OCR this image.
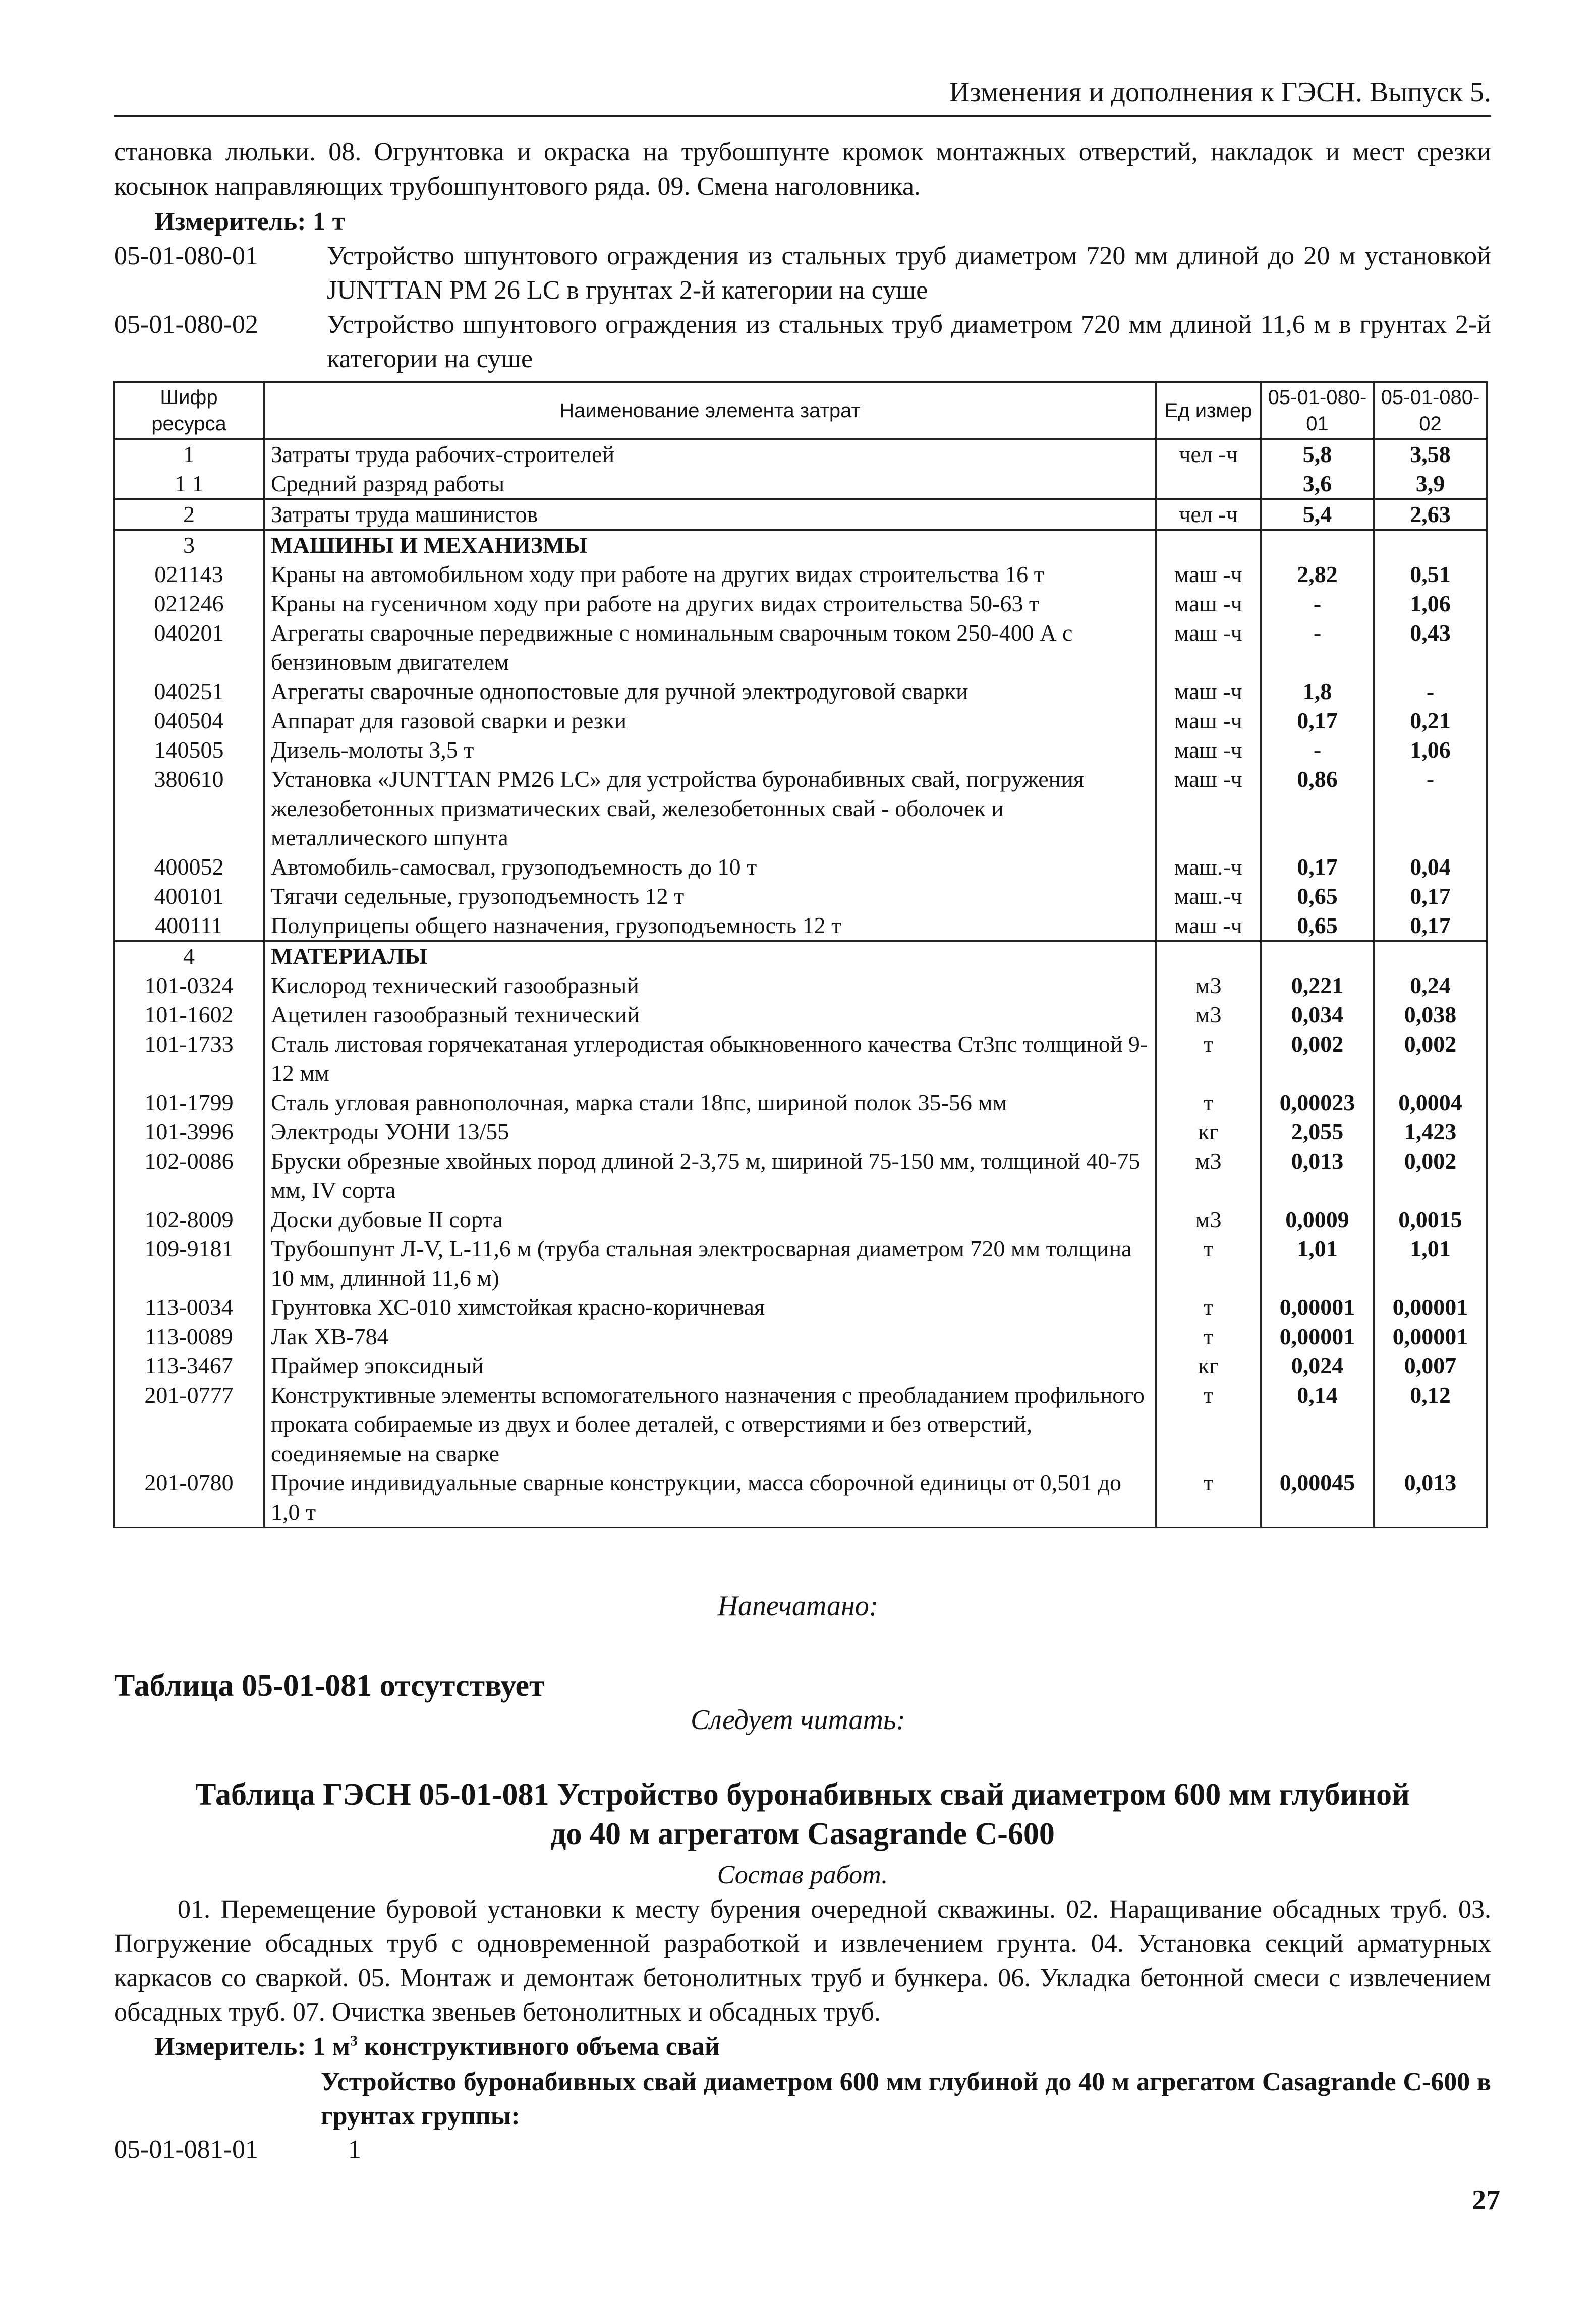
Изменения и дополнения к ГЭСН. Выпуск 5.
становка люльки. 08. Огрунтовка и окраска на трубошпунте кромок монтажных отверстий, накладок и мест срезки косынок направляющих трубошпунтового ряда. 09. Смена наголовника.
Измеритель: 1 т
05-01-080-01	Устройство шпунтового ограждения из стальных труб диаметром 720 мм длиной до 20 м установкой JUNTTAN PM 26 LC в грунтах 2-й категории на суше
05-01-080-02	Устройство шпунтового ограждения из стальных труб диаметром 720 мм длиной 11,6 м в грунтах 2-й категории на суше
Шифр ресурса	Наименование элемента затрат	Ед измер	05-01-080-01	05-01-080-02
1	Затраты труда рабочих-строителей	чел -ч	5,8	3,58
1 1	Средний разряд работы		3,6	3,9
2	Затраты труда машинистов	чел -ч	5,4	2,63
3	МАШИНЫ И МЕХАНИЗМЫ			
021143	Краны на автомобильном ходу при работе на других видах строительства 16 т	маш -ч	2,82	0,51
021246	Краны на гусеничном ходу при работе на других видах строительства 50-63 т	маш -ч	-	1,06
040201	Агрегаты сварочные передвижные с номинальным сварочным током 250-400 А с бензиновым двигателем	маш -ч	-	0,43
040251	Агрегаты сварочные однопостовые для ручной электродуговой сварки	маш -ч	1,8	-
040504	Аппарат для газовой сварки и резки	маш -ч	0,17	0,21
140505	Дизель-молоты 3,5 т	маш -ч	-	1,06
380610	Установка «JUNTTAN PM26 LC» для устройства буронабивных свай, погружения железобетонных призматических свай, железобетонных свай - оболочек и металлического шпунта	маш -ч	0,86	-
400052	Автомобиль-самосвал, грузоподъемность до 10 т	маш.-ч	0,17	0,04
400101	Тягачи седельные, грузоподъемность 12 т	маш.-ч	0,65	0,17
400111	Полуприцепы общего назначения, грузоподъемность 12 т	маш -ч	0,65	0,17
4	МАТЕРИАЛЫ			
101-0324	Кислород технический газообразный	м3	0,221	0,24
101-1602	Ацетилен газообразный технический	м3	0,034	0,038
101-1733	Сталь листовая горячекатаная углеродистая обыкновенного качества Ст3пс толщиной 9-12 мм	т	0,002	0,002
101-1799	Сталь угловая равнополочная, марка стали 18пс, шириной полок 35-56 мм	т	0,00023	0,0004
101-3996	Электроды УОНИ 13/55	кг	2,055	1,423
102-0086	Бруски обрезные хвойных пород длиной 2-3,75 м, шириной 75-150 мм, толщиной 40-75 мм, IV сорта	м3	0,013	0,002
102-8009	Доски дубовые II сорта	м3	0,0009	0,0015
109-9181	Трубошпунт Л-V, L-11,6 м (труба стальная электросварная диаметром 720 мм толщина 10 мм, длинной 11,6 м)	т	1,01	1,01
113-0034	Грунтовка ХС-010 химстойкая красно-коричневая	т	0,00001	0,00001
113-0089	Лак ХВ-784	т	0,00001	0,00001
113-3467	Праймер эпоксидный	кг	0,024	0,007
201-0777	Конструктивные элементы вспомогательного назначения с преобладанием профильного проката собираемые из двух и более деталей, с отверстиями и без отверстий, соединяемые на сварке	т	0,14	0,12
201-0780	Прочие индивидуальные сварные конструкции, масса сборочной единицы от 0,501 до 1,0 т	т	0,00045	0,013
Напечатано:
Таблица 05-01-081 отсутствует
Следует читать:
Таблица ГЭСН 05-01-081 Устройство буронабивных свай диаметром 600 мм глубиной
до 40 м агрегатом Casagrande С-600
Состав работ.
01. Перемещение буровой установки к месту бурения очередной скважины. 02. Наращивание обсадных труб. 03. Погружение обсадных труб с одновременной разработкой и извлечением грунта. 04. Установка секций арматурных каркасов со сваркой. 05. Монтаж и демонтаж бетонолитных труб и бункера. 06. Укладка бетонной смеси с извлечением обсадных труб. 07. Очистка звеньев бетонолитных и обсадных труб.
Измеритель: 1 $м^3$ конструктивного объема свай
Устройство буронабивных свай диаметром 600 мм глубиной до 40 м агрегатом Casagrande С-600 в грунтах группы:
05-01-081-01	1
27
